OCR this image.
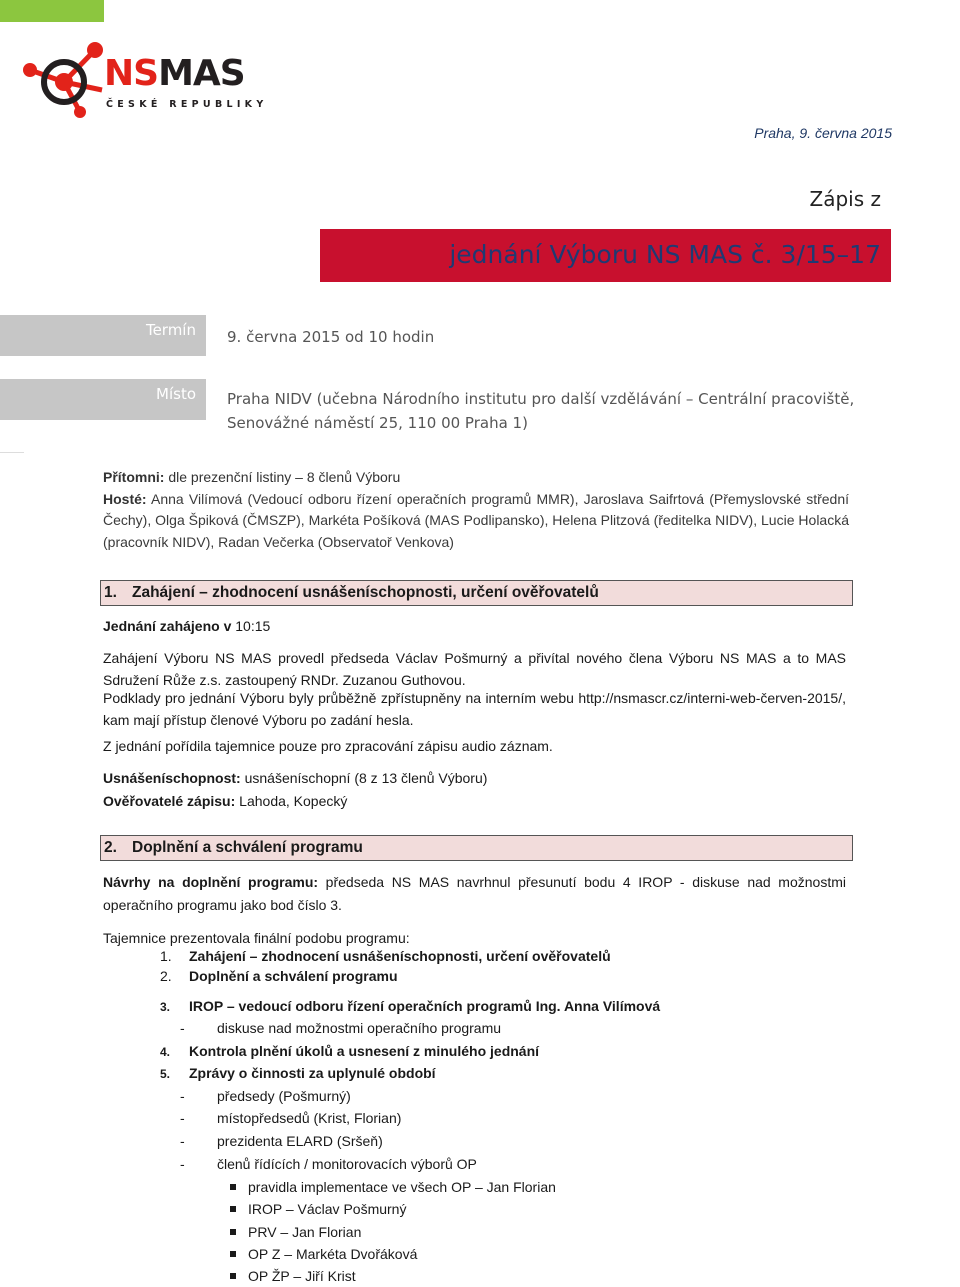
NSMAS
ČESKÉ REPUBLIKY
Praha, 9. června 2015
Zápis z
jednání Výboru NS MAS č. 3/15–17
Termín	9. června 2015 od 10 hodin
Místo	Praha NIDV (učebna Národního institutu pro další vzdělávání – Centrální pracoviště,
Senovážné náměstí 25, 110 00 Praha 1)

Přítomni: dle prezenční listiny – 8 členů Výboru

Hosté: Anna Vilímová (Vedoucí odboru řízení operačních programů MMR), Jaroslava Saifrtová (Přemyslovské střední Čechy), Olga Špiková (ČMSZP), Markéta Pošíková (MAS Podlipansko), Helena Plitzová (ředitelka NIDV), Lucie Holacká (pracovník NIDV), Radan Večerka (Observatoř Venkova)

1. Zahájení – zhodnocení usnášeníschopnosti, určení ověřovatelů
Jednání zahájeno v 10:15
Zahájení Výboru NS MAS provedl předseda Václav Pošmurný a přivítal nového člena Výboru NS MAS a to MAS Sdružení Růže z.s. zastoupený RNDr. Zuzanou Guthovou.
Podklady pro jednání Výboru byly průběžně zpřístupněny na interním webu http://nsmascr.cz/interni-web-červen-2015/, kam mají přístup členové Výboru po zadání hesla.
Z jednání pořídila tajemnice pouze pro zpracování zápisu audio záznam.
Usnášeníschopnost: usnášeníschopní (8 z 13 členů Výboru)
Ověřovatelé zápisu: Lahoda, Kopecký
2. Doplnění a schválení programu
Návrhy na doplnění programu: předseda NS MAS navrhnul přesunutí bodu 4 IROP - diskuse nad možnostmi operačního programu jako bod číslo 3.
Tajemnice prezentovala finální podobu programu:
1. Zahájení – zhodnocení usnášeníschopnosti, určení ověřovatelů
2. Doplnění a schválení programu
3. IROP – vedoucí odboru řízení operačních programů Ing. Anna Vilímová
- diskuse nad možnostmi operačního programu
4. Kontrola plnění úkolů a usnesení z minulého jednání
5. Zprávy o činnosti za uplynulé období
- předsedy (Pošmurný)
- místopředsedů (Krist, Florian)
- prezidenta ELARD (Sršeň)
- členů řídících / monitorovacích výborů OP
pravidla implementace ve všech OP – Jan Florian
IROP – Václav Pošmurný
PRV – Jan Florian
OP Z – Markéta Dvořáková
OP ŽP – Jiří Krist
